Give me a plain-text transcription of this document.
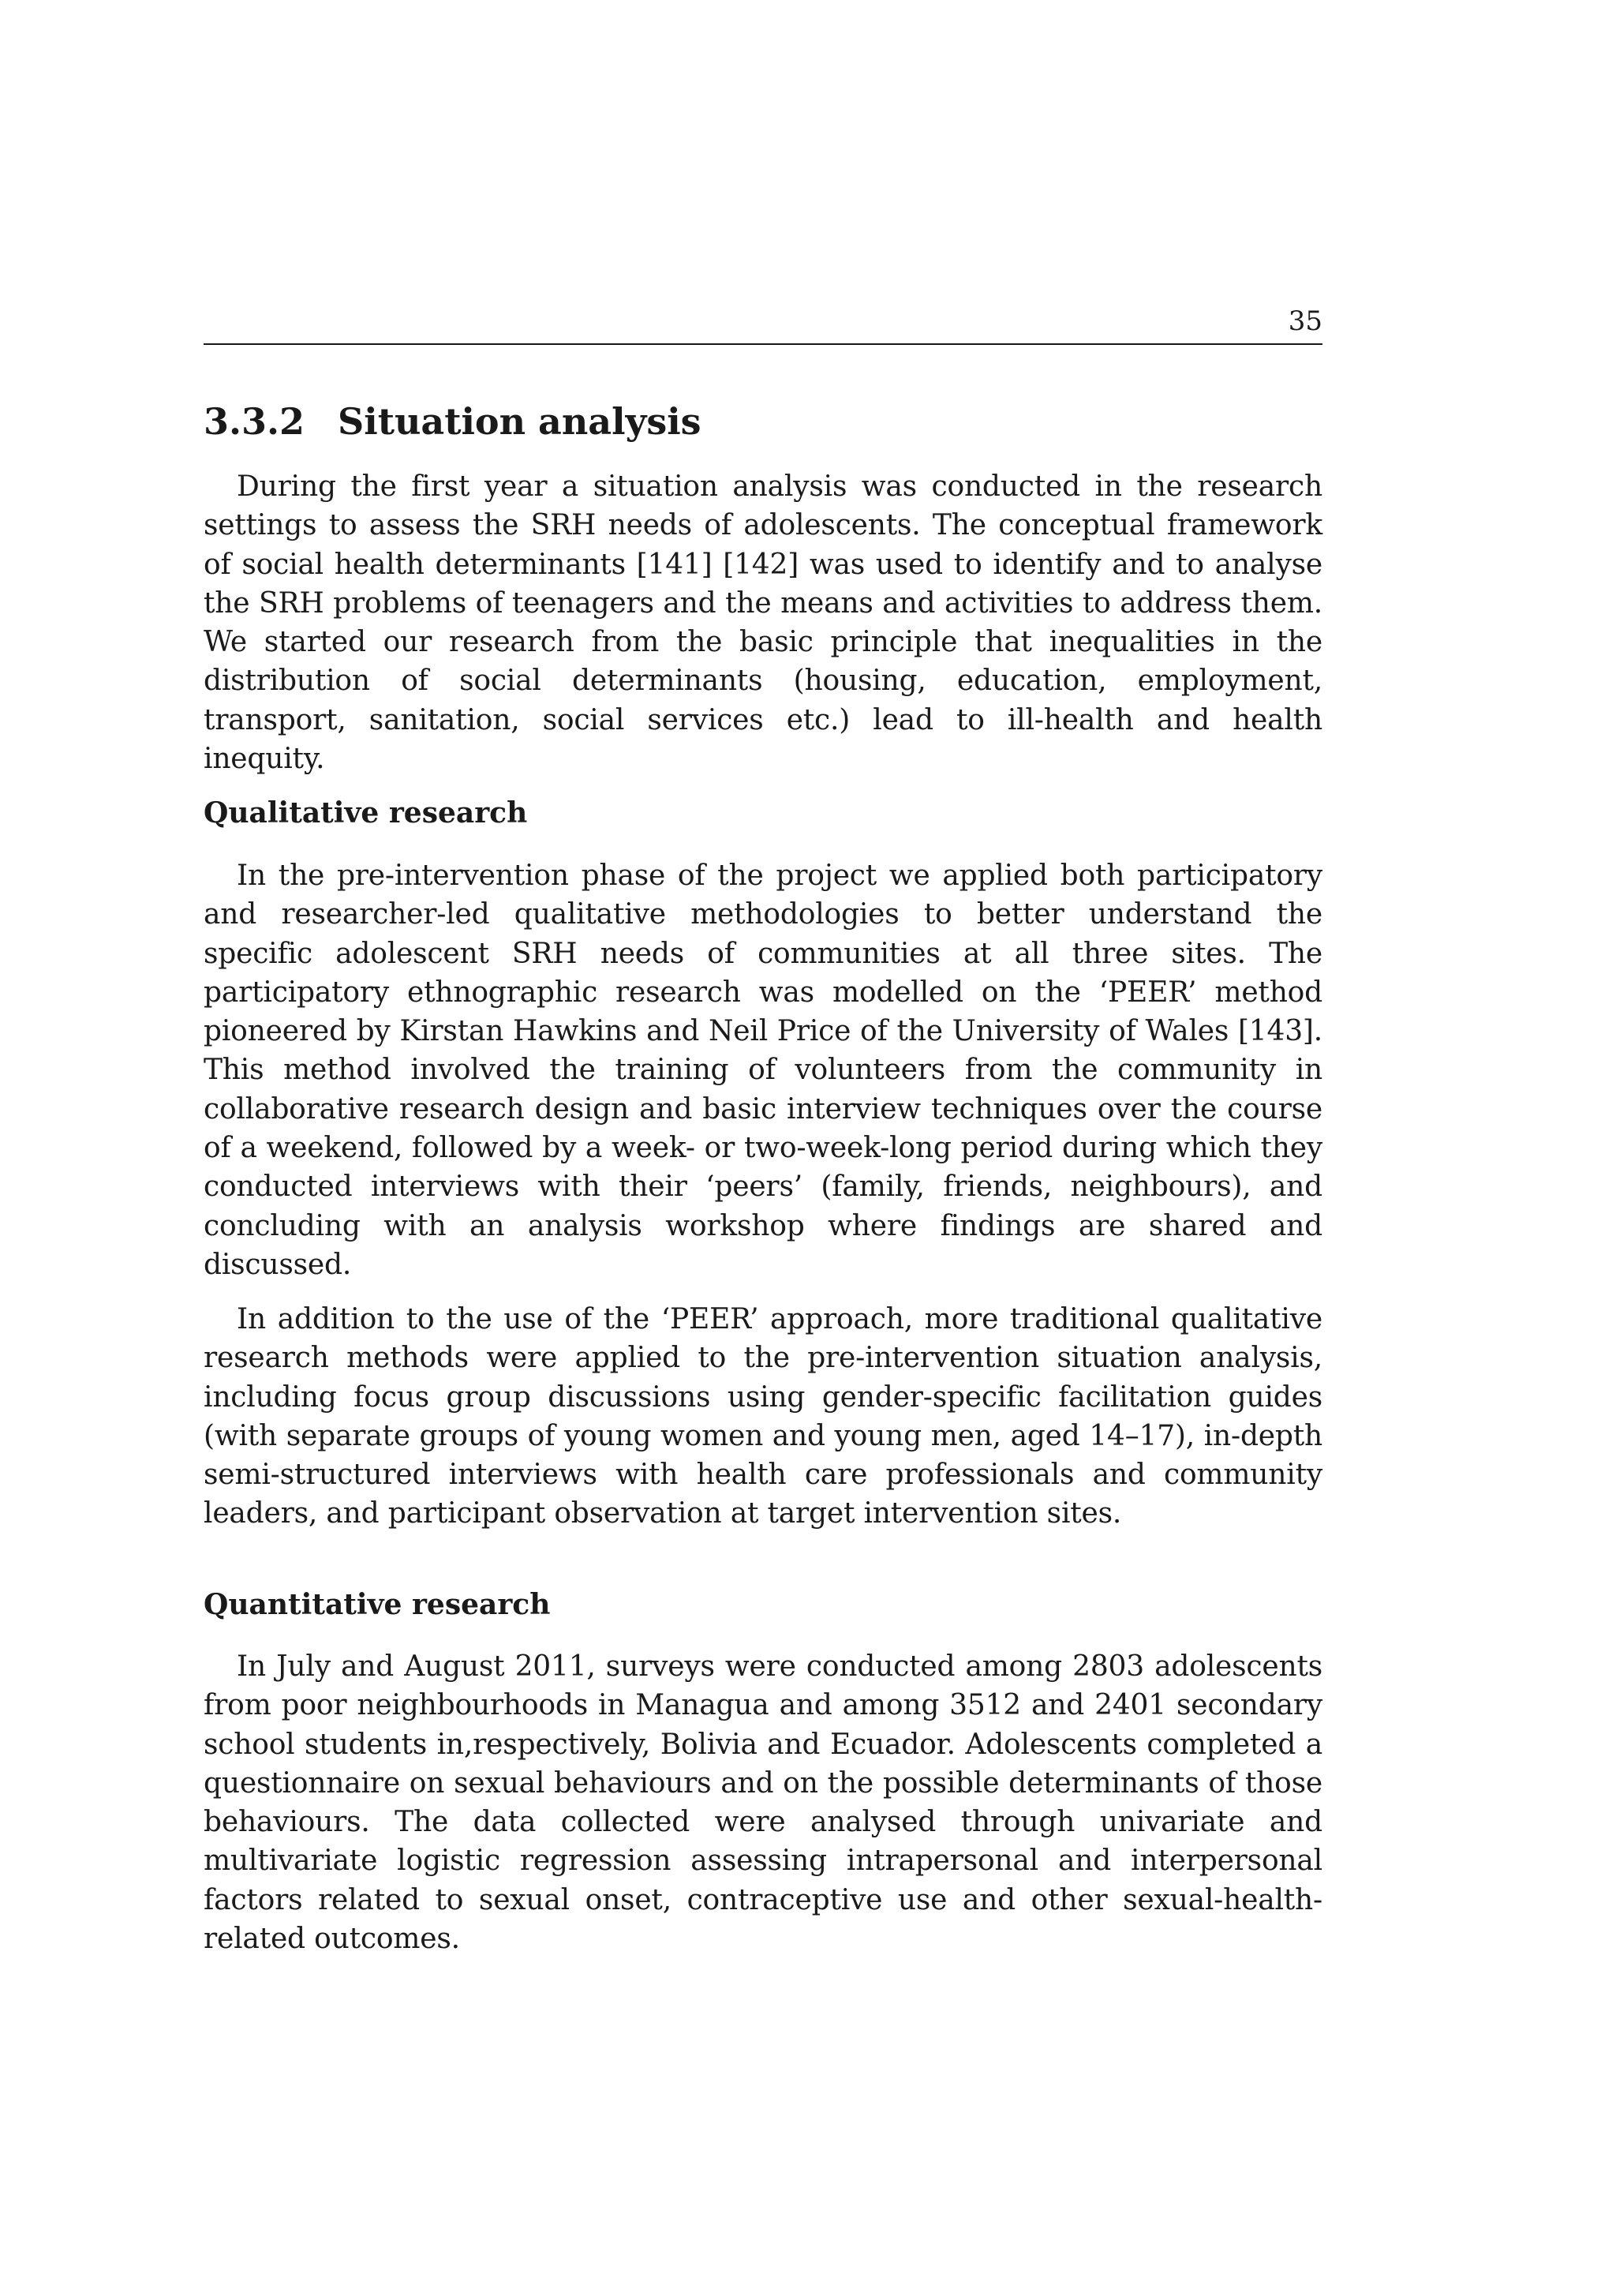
35
3.3.2 Situation analysis

During the first year a situation analysis was conducted in the research settings to assess the SRH needs of adolescents. The conceptual framework of social health determinants [141] [142] was used to identify and to analyse the SRH problems of teenagers and the means and activities to address them. We started our research from the basic principle that inequalities in the distribution of social determinants (housing, education, employment, transport, sanitation, social services etc.) lead to ill-health and health inequity.

Qualitative research

In the pre-intervention phase of the project we applied both participatory and researcher-led qualitative methodologies to better understand the specific adolescent SRH needs of communities at all three sites. The participatory ethnographic research was modelled on the ‘PEER’ method pioneered by Kirstan Hawkins and Neil Price of the University of Wales [143]. This method involved the training of volunteers from the community in collaborative research design and basic interview techniques over the course of a weekend, followed by a week- or two-week-long period during which they conducted interviews with their ‘peers’ (family, friends, neighbours), and concluding with an analysis workshop where findings are shared and discussed.

In addition to the use of the ‘PEER’ approach, more traditional qualitative research methods were applied to the pre-intervention situation analysis, including focus group discussions using gender-specific facilitation guides (with separate groups of young women and young men, aged 14–17), in-depth semi-structured interviews with health care professionals and community leaders, and participant observation at target intervention sites.

Quantitative research

In July and August 2011, surveys were conducted among 2803 adolescents from poor neighbourhoods in Managua and among 3512 and 2401 secondary school students in,respectively, Bolivia and Ecuador. Adolescents completed a questionnaire on sexual behaviours and on the possible determinants of those behaviours. The data collected were analysed through univariate and multivariate logistic regression assessing intrapersonal and interpersonal factors related to sexual onset, contraceptive use and other sexual-health-related outcomes.
